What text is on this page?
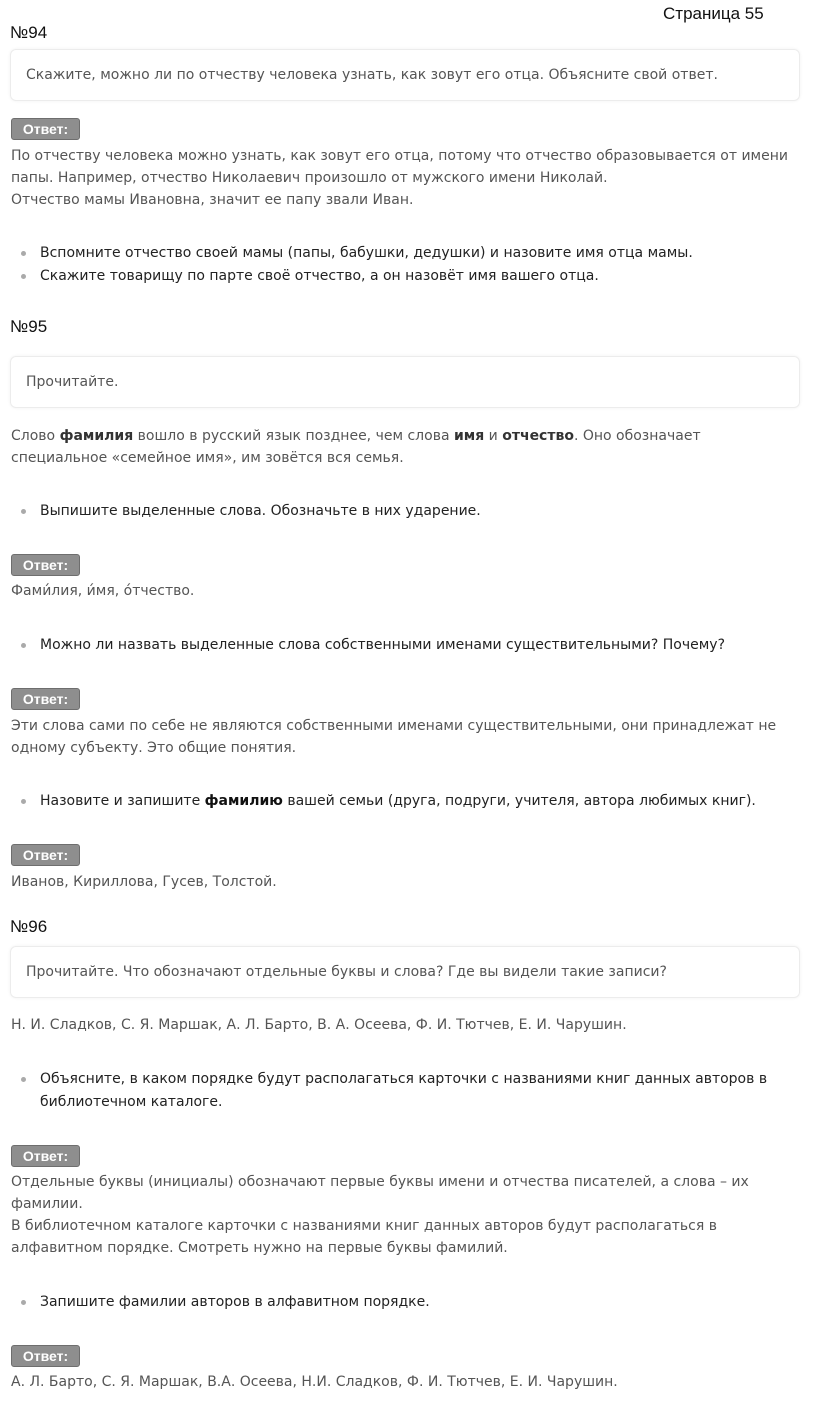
Страница 55
№94
Скажите, можно ли по отчеству человека узнать, как зовут его отца. Объясните свой ответ.
Ответ:
По отчеству человека можно узнать, как зовут его отца, потому что отчество образовывается от имени
папы. Например, отчество Николаевич произошло от мужского имени Николай.
Отчество мамы Ивановна, значит ее папу звали Иван.
Вспомните отчество своей мамы (папы, бабушки, дедушки) и назовите имя отца мамы.
Скажите товарищу по парте своё отчество, а он назовёт имя вашего отца.
№95
Прочитайте.
Слово фамилия вошло в русский язык позднее, чем слова имя и отчество. Оно обозначает
специальное «семейное имя», им зовётся вся семья.
Выпишите выделенные слова. Обозначьте в них ударение.
Ответ:
Фами́лия, и́мя, о́тчество.
Можно ли назвать выделенные слова собственными именами существительными? Почему?
Ответ:
Эти слова сами по себе не являются собственными именами существительными, они принадлежат не
одному субъекту. Это общие понятия.
Назовите и запишите фамилию вашей семьи (друга, подруги, учителя, автора любимых книг).
Ответ:
Иванов, Кириллова, Гусев, Толстой.
№96
Прочитайте. Что обозначают отдельные буквы и слова? Где вы видели такие записи?
Н. И. Сладков, С. Я. Маршак, А. Л. Барто, В. А. Осеева, Ф. И. Тютчев, Е. И. Чарушин.
Объясните, в каком порядке будут располагаться карточки с названиями книг данных авторов в
библиотечном каталоге.
Ответ:
Отдельные буквы (инициалы) обозначают первые буквы имени и отчества писателей, а слова – их
фамилии.
В библиотечном каталоге карточки с названиями книг данных авторов будут располагаться в
алфавитном порядке. Смотреть нужно на первые буквы фамилий.
Запишите фамилии авторов в алфавитном порядке.
Ответ:
А. Л. Барто, С. Я. Маршак, В.А. Осеева, Н.И. Сладков, Ф. И. Тютчев, Е. И. Чарушин.
